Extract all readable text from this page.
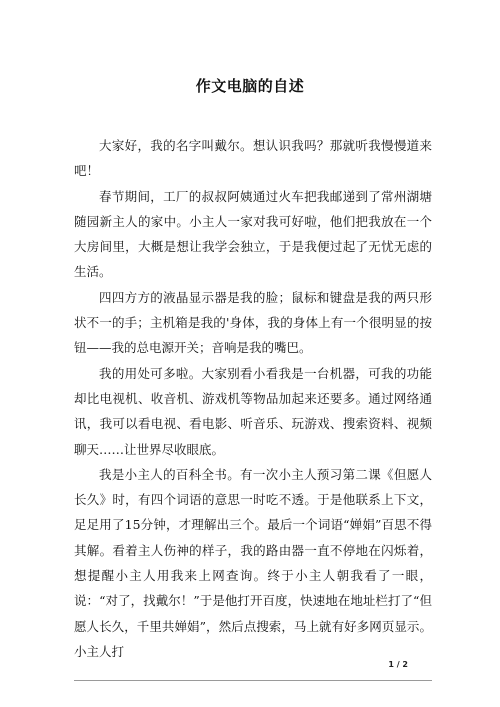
作文电脑的自述

大家好，我的名字叫戴尔。想认识我吗？那就听我慢慢道来吧！

春节期间，工厂的叔叔阿姨通过火车把我邮递到了常州湖塘随园新主人的家中。小主人一家对我可好啦，他们把我放在一个大房间里，大概是想让我学会独立，于是我便过起了无忧无虑的生活。

四四方方的液晶显示器是我的脸；鼠标和键盘是我的两只形状不一的手；主机箱是我的'身体，我的身体上有一个很明显的按钮——我的总电源开关；音响是我的嘴巴。

我的用处可多啦。大家别看小看我是一台机器，可我的功能却比电视机、收音机、游戏机等物品加起来还要多。通过网络通讯，我可以看电视、看电影、听音乐、玩游戏、搜索资料、视频聊天……让世界尽收眼底。

我是小主人的百科全书。有一次小主人预习第二课《但愿人长久》时，有四个词语的意思一时吃不透。于是他联系上下文，足足用了15分钟，才理解出三个。最后一个词语“婵娟”百思不得其解。看着主人伤神的样子，我的路由器一直不停地在闪烁着，想提醒小主人用我来上网查询。终于小主人朝我看了一眼，说：“对了，找戴尔！”于是他打开百度，快速地在地址栏打了“但愿人长久，千里共婵娟”，然后点搜索，马上就有好多网页显示。小主人打

1 / 2
